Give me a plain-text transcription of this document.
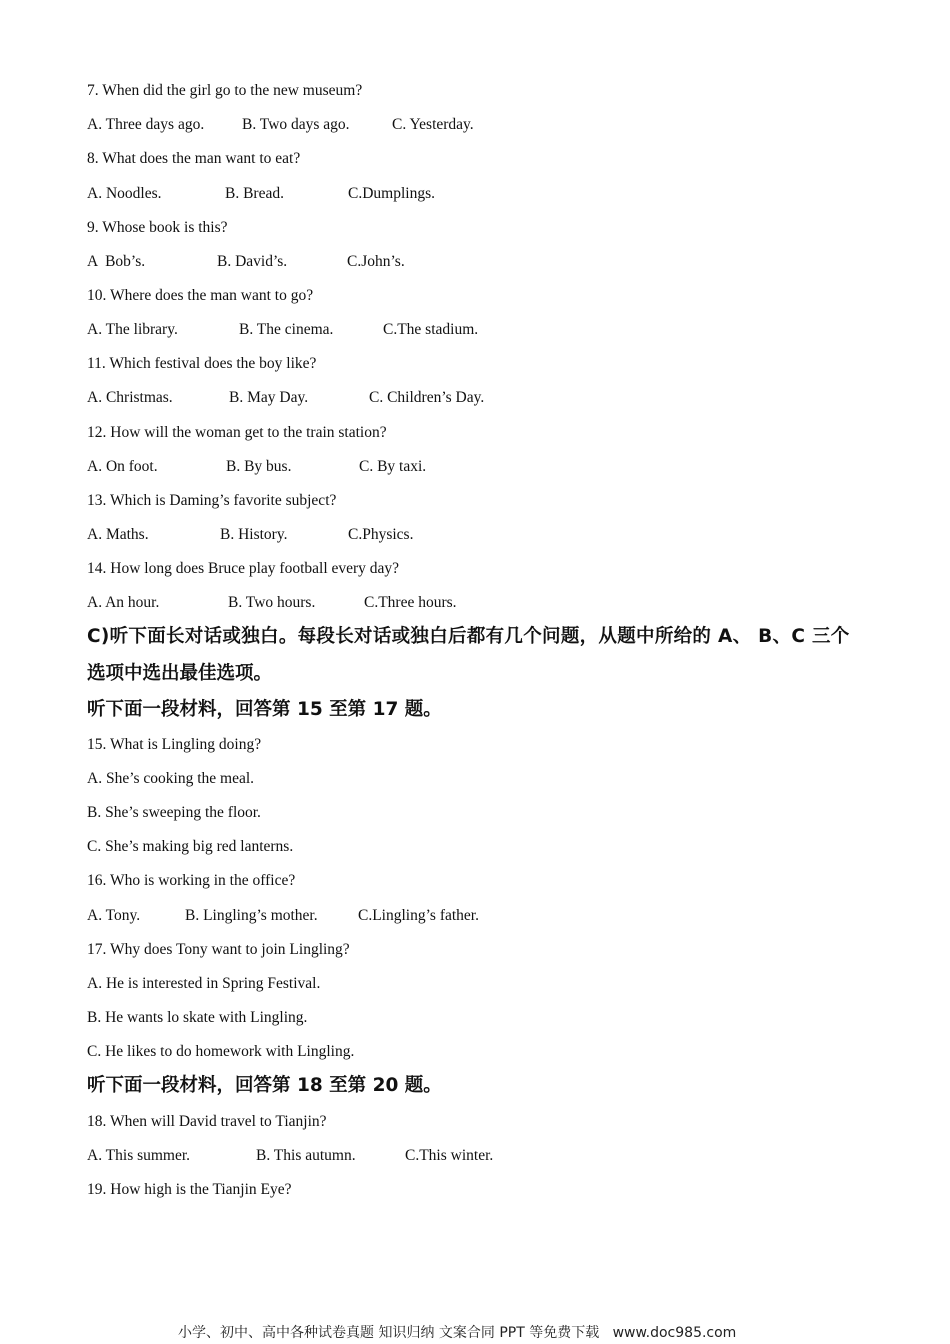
7. When did the girl go to the new museum?
A. Three days ago. B. Two days ago.	C. Yesterday.
8. What does the man want to eat?
A. Noodles.	B. Bread.	C.Dumplings.
9. Whose book is this?
A  Bob’s.	B. David’s.	C.John’s.
10. Where does the man want to go?
A. The library.	B. The cinema.	C.The stadium.
11. Which festival does the boy like?
A. Christmas.	B. May Day.	C. Children’s Day.
12. How will the woman get to the train station?
A. On foot.	B. By bus.	C. By taxi.
13. Which is Daming’s favorite subject?
A. Maths.	B. History.	C.Physics.
14. How long does Bruce play football every day?
A. An hour.	B. Two hours.	C.Three hours.
C)听下面长对话或独白。每段长对话或独白后都有几个问题，从题中所给的 A、 B、C 三个
选项中选出最佳选项。
听下面一段材料，回答第 15 至第 17 题。
15. What is Lingling doing?
A. She’s cooking the meal.
B. She’s sweeping the floor.
C. She’s making big red lanterns.
16. Who is working in the office?
A. Tony.	B. Lingling’s mother.	C.Lingling’s father.
17. Why does Tony want to join Lingling?
A. He is interested in Spring Festival.
B. He wants lo skate with Lingling.
C. He likes to do homework with Lingling.
听下面一段材料，回答第 18 至第 20 题。
18. When will David travel to Tianjin?
A. This summer.	B. This autumn.	C.This winter.
19. How high is the Tianjin Eye?
小学、初中、高中各种试卷真题 知识归纳 文案合同 PPT 等免费下载   www.doc985.com
